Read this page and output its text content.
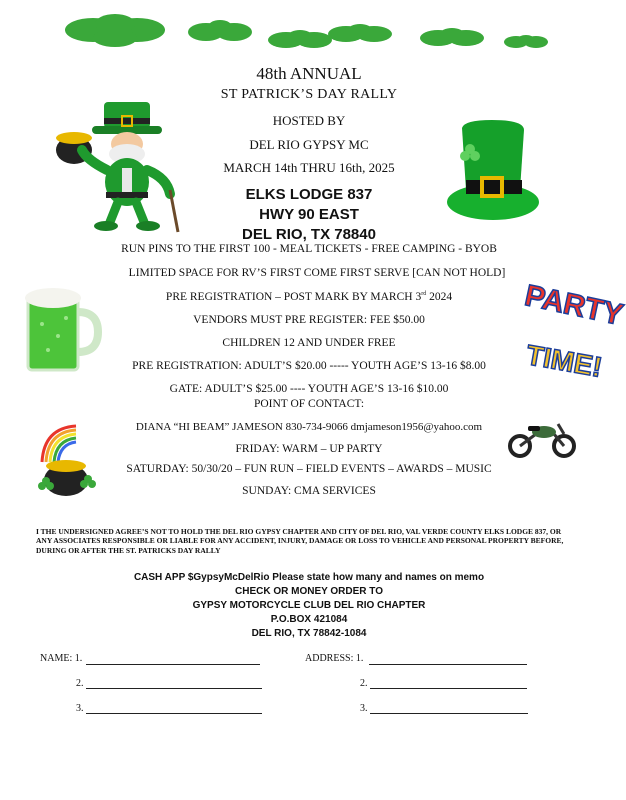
PARTY
TIME!
48th ANNUAL
ST PATRICK’S DAY RALLY
HOSTED BY
DEL RIO GYPSY MC
MARCH 14th THRU 16th, 2025
ELKS LODGE 837
HWY 90 EAST
DEL RIO, TX 78840
RUN PINS TO THE FIRST 100 - MEAL TICKETS - FREE CAMPING - BYOB
LIMITED SPACE FOR RV’S FIRST COME FIRST SERVE [CAN NOT HOLD]
PRE REGISTRATION – POST MARK BY MARCH 3rd 2024
VENDORS MUST PRE REGISTER: FEE $50.00
CHILDREN 12 AND UNDER FREE
PRE REGISTRATION: ADULT’S $20.00 ----- YOUTH AGE’S 13-16 $8.00
GATE: ADULT’S $25.00 ---- YOUTH AGE’S 13-16 $10.00
POINT OF CONTACT:
DIANA “HI BEAM” JAMESON 830-734-9066 dmjameson1956@yahoo.com
FRIDAY: WARM – UP PARTY
SATURDAY: 50/30/20 – FUN RUN – FIELD EVENTS – AWARDS – MUSIC
SUNDAY: CMA SERVICES
I THE UNDERSIGNED AGREE’S NOT TO HOLD THE DEL RIO GYPSY CHAPTER AND CITY OF DEL RIO, VAL VERDE COUNTY ELKS LODGE 837, OR ANY ASSOCIATES RESPONSIBLE OR LIABLE FOR ANY ACCIDENT, INJURY, DAMAGE OR LOSS TO VEHICLE AND PERSONAL PROPERTY BEFORE, DURING OR AFTER THE ST. PATRICKS DAY RALLY
CASH APP $GypsyMcDelRio Please state how many and names on memo
CHECK OR MONEY ORDER TO
GYPSY MOTORCYCLE CLUB DEL RIO CHAPTER
P.O.BOX 421084
DEL RIO, TX 78842-1084
NAME: 1.	ADDRESS: 1.
2.	2.
3.	3.
